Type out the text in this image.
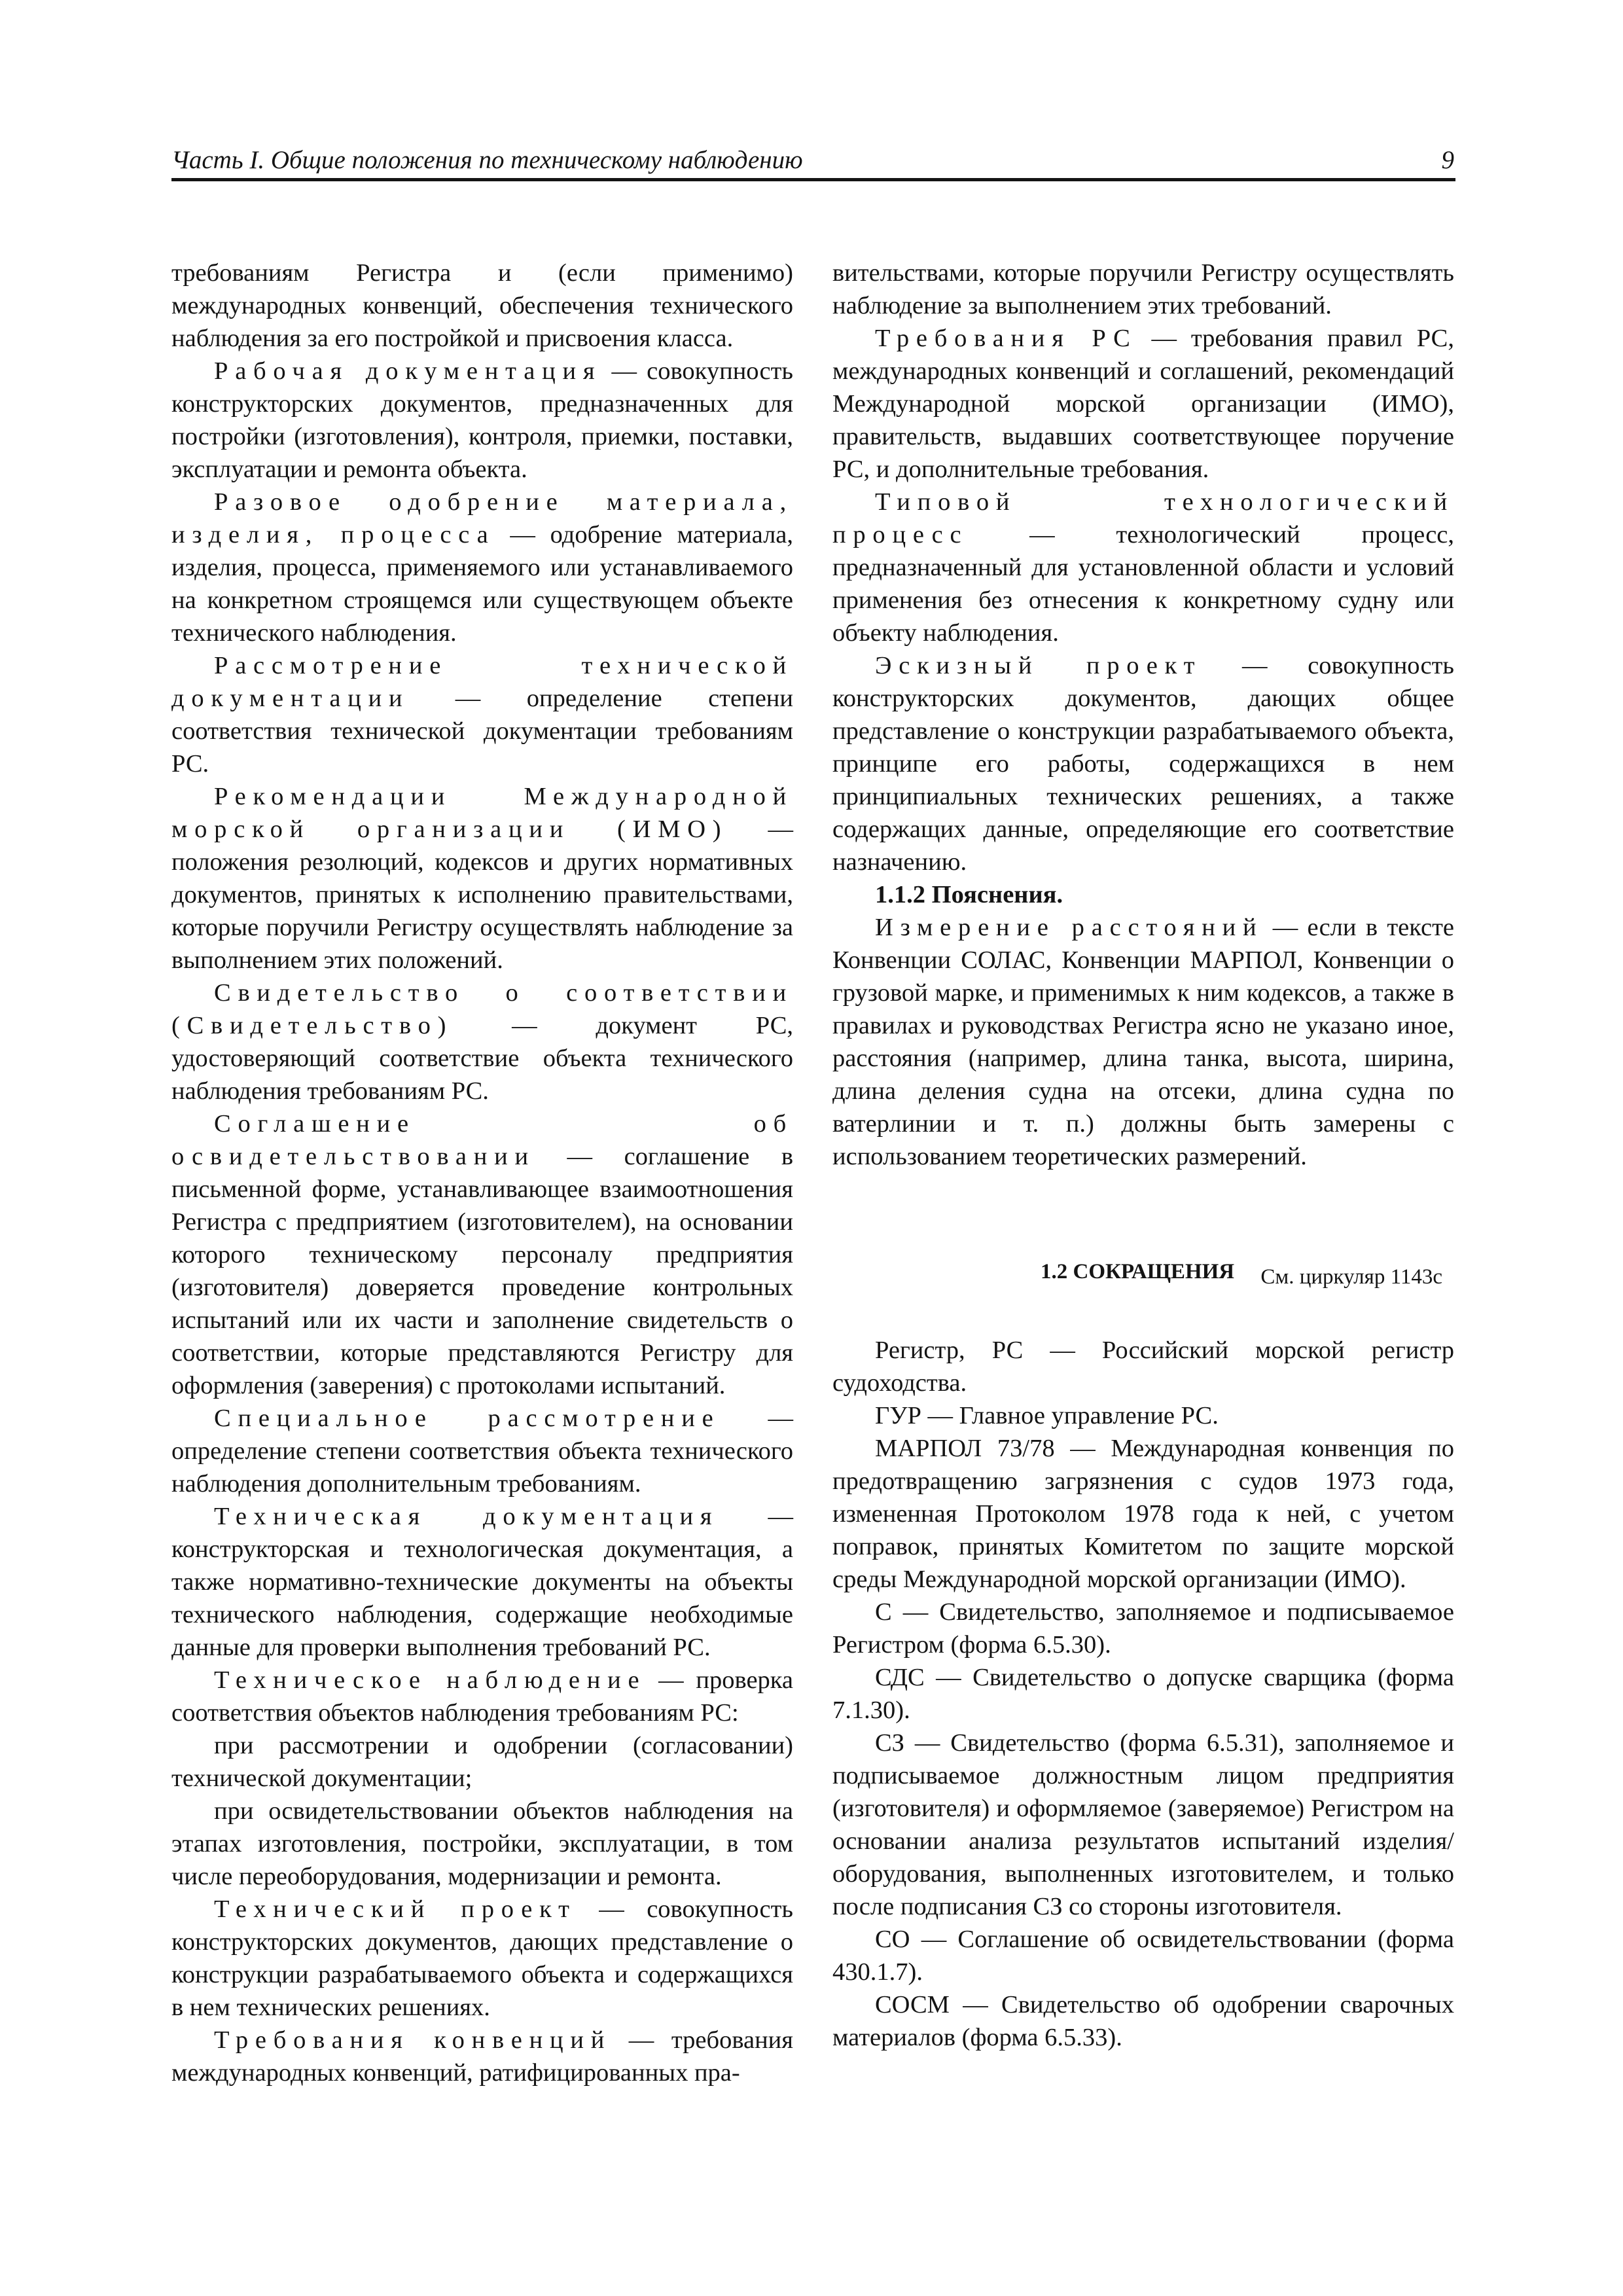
Часть I. Общие положения по техническому наблюдению	9

требованиям Регистра и (если применимо) международных конвенций, обеспечения технического наблюдения за его постройкой и присвоения класса.

Рабочая документация — совокупность конструкторских документов, предназначенных для постройки (изготовления), контроля, приемки, поставки, эксплуатации и ремонта объекта.

Разовое одобрение материала, изделия, процесса — одобрение материала, изделия, процесса, применяемого или устанавливаемого на конкретном строящемся или существующем объекте технического наблюдения.

Рассмотрение технической документации — определение степени соответствия технической документации требованиям РС.

Рекомендации Международной морской организации (ИМО) — положения резолюций, кодексов и других нормативных документов, принятых к исполнению правительствами, которые поручили Регистру осуществлять наблюдение за выполнением этих положений.

Свидетельство о соответствии (Свидетельство) — документ РС, удостоверяющий соответствие объекта технического наблюдения требованиям РС.

Соглашение об освидетельствовании — соглашение в письменной форме, устанавливающее взаимоотношения Регистра с предприятием (изготовителем), на основании которого техническому персоналу предприятия (изготовителя) доверяется проведение контрольных испытаний или их части и заполнение свидетельств о соответствии, которые представляются Регистру для оформления (заверения) с протоколами испытаний.

Специальное рассмотрение — определение степени соответствия объекта технического наблюдения дополнительным требованиям.

Техническая документация — конструкторская и технологическая документация, а также нормативно-технические документы на объекты технического наблюдения, содержащие необходимые данные для проверки выполнения требований РС.

Техническое наблюдение — проверка соответствия объектов наблюдения требованиям РС:

при рассмотрении и одобрении (согласовании) технической документации;

при освидетельствовании объектов наблюдения на этапах изготовления, постройки, эксплуатации, в том числе переоборудования, модернизации и ремонта.

Технический проект — совокупность конструкторских документов, дающих представление о конструкции разрабатываемого объекта и содержащихся в нем технических решениях.

Требования конвенций — требования международных конвенций, ратифицированных пра-

вительствами, которые поручили Регистру осуществлять наблюдение за выполнением этих требований.

Требования РС — требования правил РС, международных конвенций и соглашений, рекомендаций Международной морской организации (ИМО), правительств, выдавших соответствующее поручение РС, и дополнительные требования.

Типовой технологический процесс — технологический процесс, предназначенный для установленной области и условий применения без отнесения к конкретному судну или объекту наблюдения.

Эскизный проект — совокупность конструкторских документов, дающих общее представление о конструкции разрабатываемого объекта, принципе его работы, содержащихся в нем принципиальных технических решениях, а также содержащих данные, определяющие его соответствие назначению.

1.1.2 Пояснения.

Измерение расстояний — если в тексте Конвенции СОЛАС, Конвенции МАРПОЛ, Конвенции о грузовой марке, и применимых к ним кодексов, а также в правилах и руководствах Регистра ясно не указано иное, расстояния (например, длина танка, высота, ширина, длина деления судна на отсеки, длина судна по ватерлинии и т. п.) должны быть замерены с использованием теоретических размерений.

1.2 СОКРАЩЕНИЯ См. циркуляр 1143с

Регистр, РС — Российский морской регистр судоходства.

ГУР — Главное управление РС.

МАРПОЛ 73/78 — Международная конвенция по предотвращению загрязнения с судов 1973 года, измененная Протоколом 1978 года к ней, с учетом поправок, принятых Комитетом по защите морской среды Международной морской организации (ИМО).

С — Свидетельство, заполняемое и подписываемое Регистром (форма 6.5.30).

СДС — Свидетельство о допуске сварщика (форма 7.1.30).

СЗ — Свидетельство (форма 6.5.31), заполняемое и подписываемое должностным лицом предприятия (изготовителя) и оформляемое (заверяемое) Регистром на основании анализа результатов испытаний изделия/оборудования, выполненных изготовителем, и только после подписания СЗ со стороны изготовителя.

СО — Соглашение об освидетельствовании (форма 430.1.7).

СОСМ — Свидетельство об одобрении сварочных материалов (форма 6.5.33).
